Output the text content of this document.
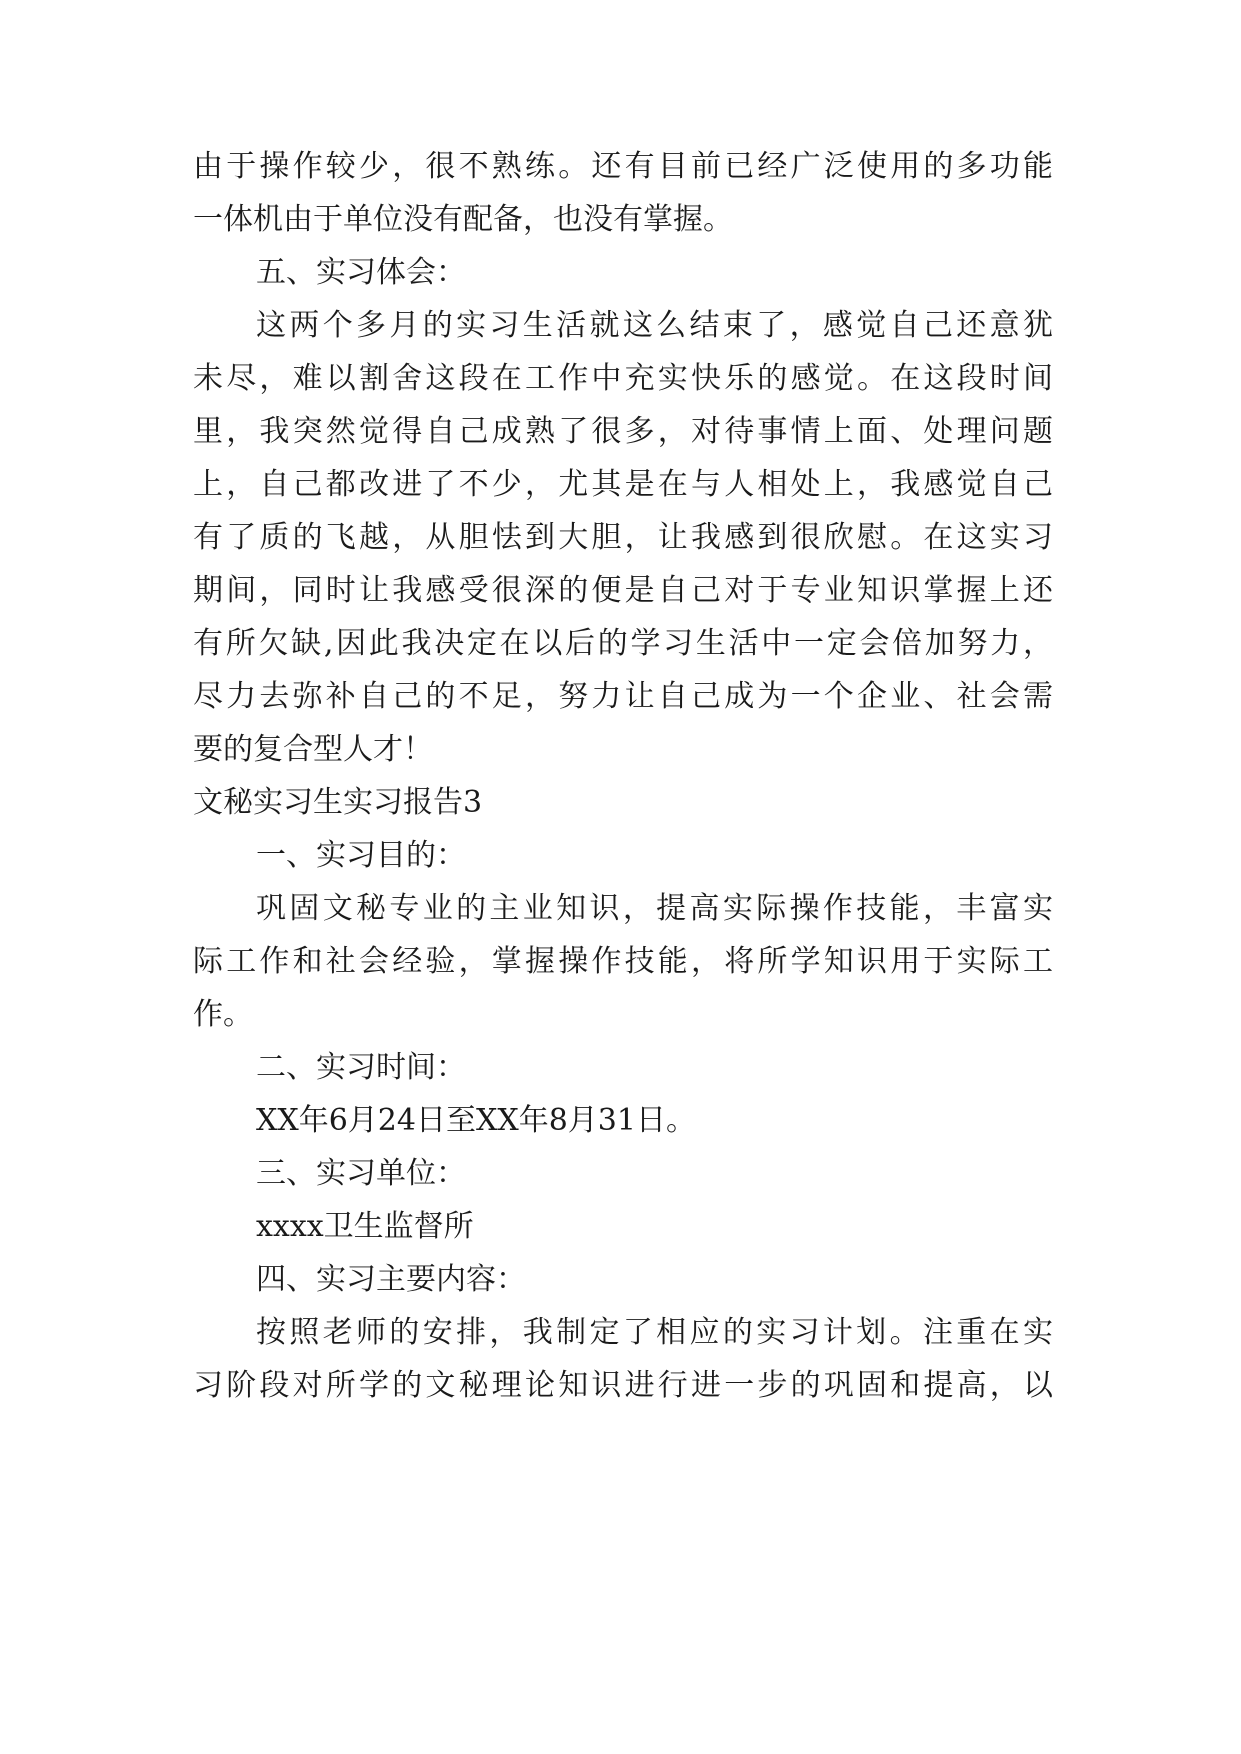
由于操作较少，很不熟练。还有目前已经广泛使用的多功能
一体机由于单位没有配备，也没有掌握。
五、实习体会：
这两个多月的实习生活就这么结束了，感觉自己还意犹
未尽，难以割舍这段在工作中充实快乐的感觉。在这段时间
里，我突然觉得自己成熟了很多，对待事情上面、处理问题
上，自己都改进了不少，尤其是在与人相处上，我感觉自己
有了质的飞越，从胆怯到大胆，让我感到很欣慰。在这实习
期间，同时让我感受很深的便是自己对于专业知识掌握上还
有所欠缺,因此我决定在以后的学习生活中一定会倍加努力，
尽力去弥补自己的不足，努力让自己成为一个企业、社会需
要的复合型人才！
文秘实习生实习报告3
一、实习目的：
巩固文秘专业的主业知识，提高实际操作技能，丰富实
际工作和社会经验，掌握操作技能，将所学知识用于实际工
作。
二、实习时间：
XX年6月24日至XX年8月31日。
三、实习单位：
xxxx卫生监督所
四、实习主要内容：
按照老师的安排，我制定了相应的实习计划。注重在实
习阶段对所学的文秘理论知识进行进一步的巩固和提高，以
